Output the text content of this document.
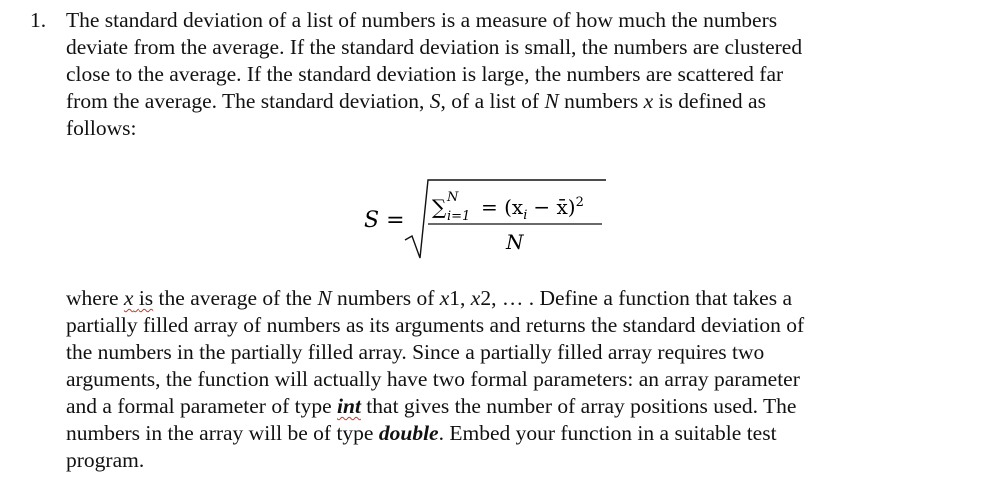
1. The standard deviation of a list of numbers is a measure of how much the numbers
deviate from the average. If the standard deviation is small, the numbers are clustered
close to the average. If the standard deviation is large, the numbers are scattered far
from the average. The standard deviation, S, of a list of N numbers x is defined as
follows:
S =
∑ N
$i=1 = (x_i$ − x̄)$^2$
N
where x is the average of the N numbers of x1, x2, … . Define a function that takes a
partially filled array of numbers as its arguments and returns the standard deviation of
the numbers in the partially filled array. Since a partially filled array requires two
arguments, the function will actually have two formal parameters: an array parameter
and a formal parameter of type int that gives the number of array positions used. The
numbers in the array will be of type double. Embed your function in a suitable test
program.
